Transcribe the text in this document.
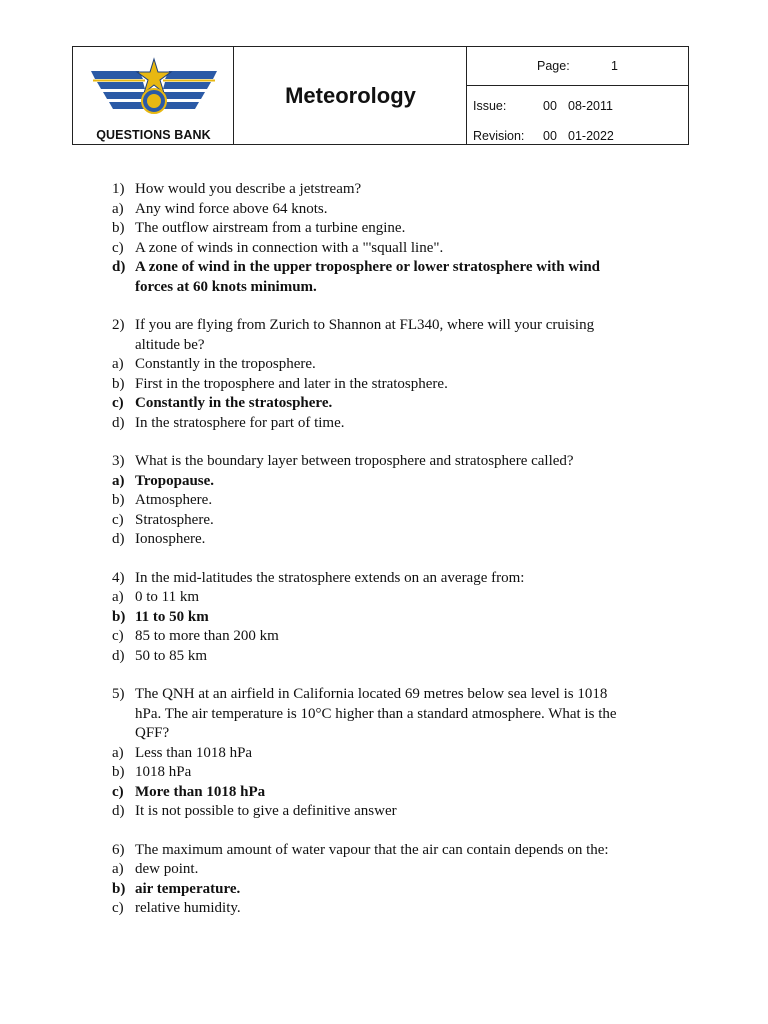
QUESTIONS BANK
Meteorology
Page:	1
Issue:	00 08-2011
Revision: 00 01-2022
1) How would you describe a jetstream?
a) Any wind force above 64 knots.
b) The outflow airstream from a turbine engine.
c) A zone of winds in connection with a "'squall line".
d) A zone of wind in the upper troposphere or lower stratosphere with wind
forces at 60 knots minimum.
2) If you are flying from Zurich to Shannon at FL340, where will your cruising
altitude be?
a) Constantly in the troposphere.
b) First in the troposphere and later in the stratosphere.
c) Constantly in the stratosphere.
d) In the stratosphere for part of time.
3) What is the boundary layer between troposphere and stratosphere called?
a) Tropopause.
b) Atmosphere.
c) Stratosphere.
d) Ionosphere.
4) In the mid-latitudes the stratosphere extends on an average from:
a) 0 to 11 km
b) 11 to 50 km
c) 85 to more than 200 km
d) 50 to 85 km
5) The QNH at an airfield in California located 69 metres below sea level is 1018
hPa. The air temperature is 10°C higher than a standard atmosphere. What is the
QFF?
a) Less than 1018 hPa
b) 1018 hPa
c) More than 1018 hPa
d) It is not possible to give a definitive answer
6) The maximum amount of water vapour that the air can contain depends on the:
a) dew point.
b) air temperature.
c) relative humidity.
